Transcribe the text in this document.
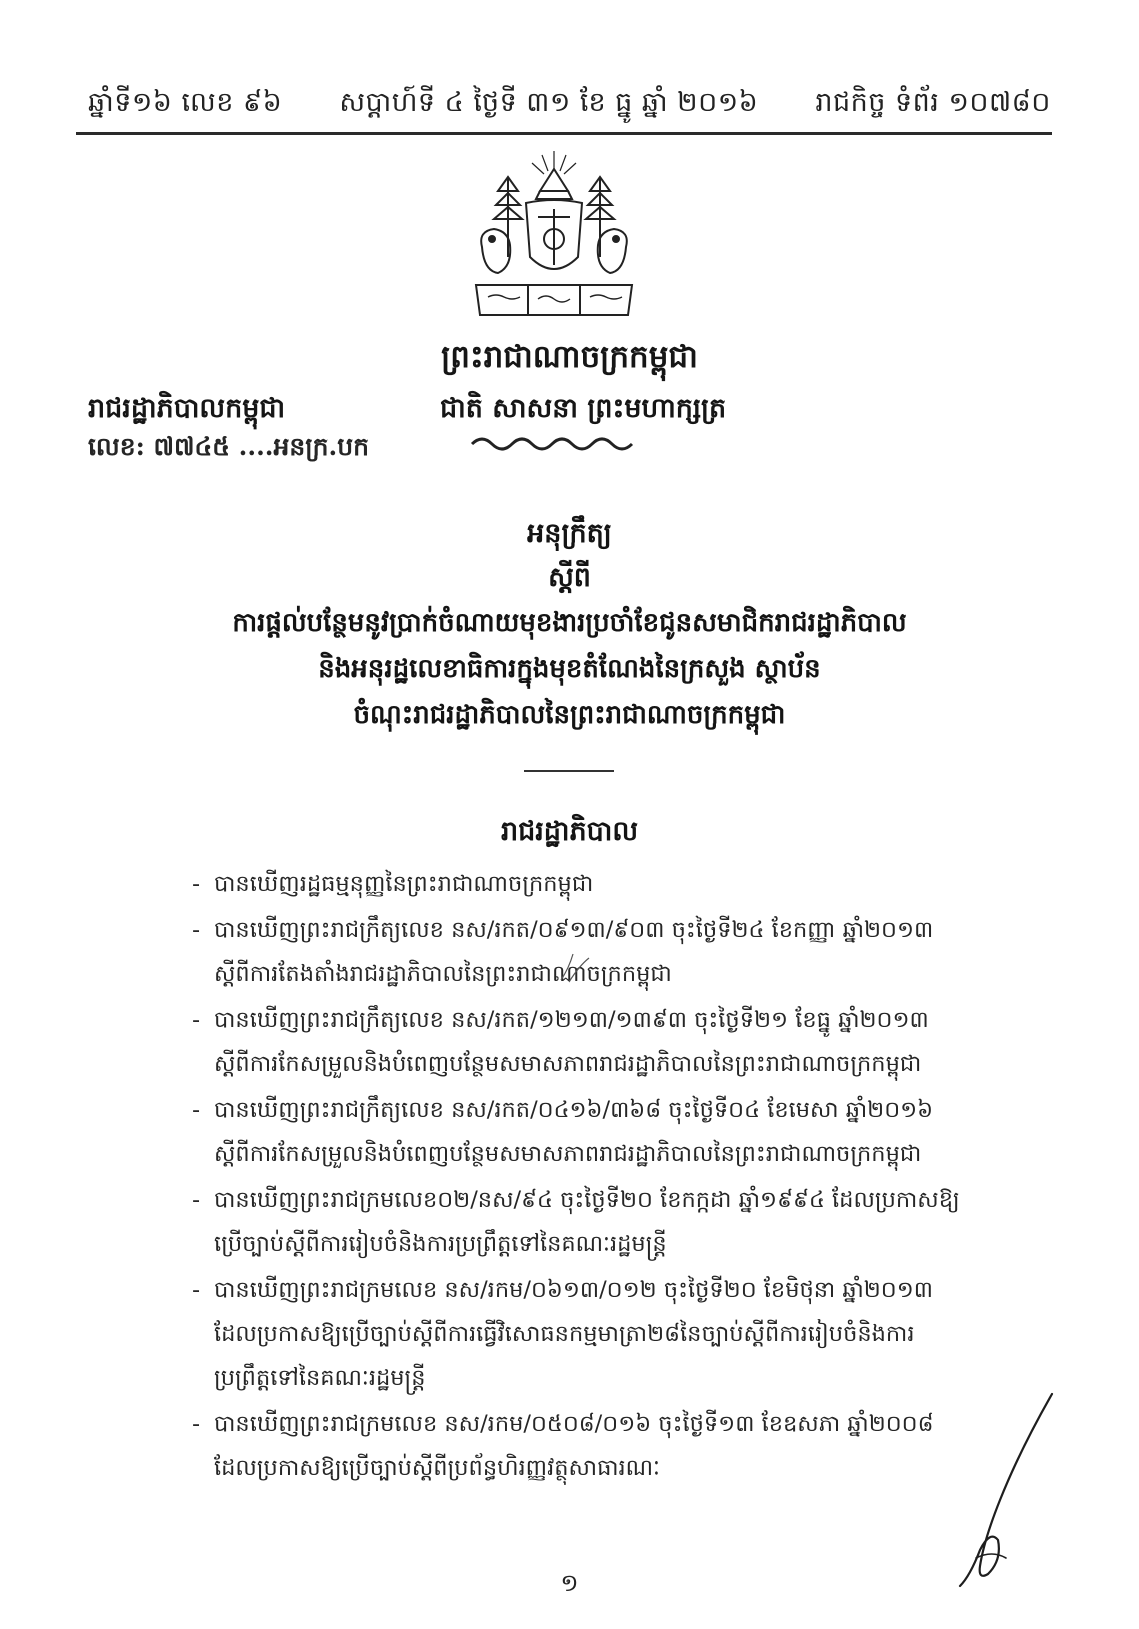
ឆ្នាំទី១៦ លេខ ៩៦ សប្តាហ៍ទី ៤ ថ្ងៃទី ៣១ ខែ ធ្នូ ឆ្នាំ ២០១៦ រាជកិច្ច ទំព័រ ១០៧៨០
ព្រះរាជាណាចក្រកម្ពុជា
រាជរដ្ឋាភិបាលកម្ពុជា	ជាតិ សាសនា ព្រះមហាក្សត្រ
លេខ: ៧៧៤៥ ....អនក្រ.បក
អនុក្រឹត្យ
ស្តីពី
ការផ្តល់បន្ថែមនូវប្រាក់ចំណាយមុខងារប្រចាំខែជូនសមាជិករាជរដ្ឋាភិបាល
និងអនុរដ្ឋលេខាធិការក្នុងមុខតំណែងនៃក្រសួង ស្ថាប័ន
ចំណុះរាជរដ្ឋាភិបាលនៃព្រះរាជាណាចក្រកម្ពុជា
រាជរដ្ឋាភិបាល
- បានឃើញរដ្ឋធម្មនុញ្ញនៃព្រះរាជាណាចក្រកម្ពុជា
- បានឃើញព្រះរាជក្រឹត្យលេខ នស/រកត/០៩១៣/៩០៣ ចុះថ្ងៃទី២៤ ខែកញ្ញា ឆ្នាំ២០១៣ ស្តីពីការតែងតាំងរាជរដ្ឋាភិបាលនៃព្រះរាជាណាចក្រកម្ពុជា
- បានឃើញព្រះរាជក្រឹត្យលេខ នស/រកត/១២១៣/១៣៩៣ ចុះថ្ងៃទី២១ ខែធ្នូ ឆ្នាំ២០១៣ ស្តីពីការកែសម្រួលនិងបំពេញបន្ថែមសមាសភាពរាជរដ្ឋាភិបាលនៃព្រះរាជាណាចក្រកម្ពុជា
- បានឃើញព្រះរាជក្រឹត្យលេខ នស/រកត/០៤១៦/៣៦៨ ចុះថ្ងៃទី០៤ ខែមេសា ឆ្នាំ២០១៦ ស្តីពីការកែសម្រួលនិងបំពេញបន្ថែមសមាសភាពរាជរដ្ឋាភិបាលនៃព្រះរាជាណាចក្រកម្ពុជា
- បានឃើញព្រះរាជក្រមលេខ០២/នស/៩៤ ចុះថ្ងៃទី២០ ខែកក្កដា ឆ្នាំ១៩៩៤ ដែលប្រកាសឱ្យប្រើច្បាប់ស្តីពីការរៀបចំនិងការប្រព្រឹត្តទៅនៃគណៈរដ្ឋមន្ត្រី
- បានឃើញព្រះរាជក្រមលេខ នស/រកម/០៦១៣/០១២ ចុះថ្ងៃទី២០ ខែមិថុនា ឆ្នាំ២០១៣ ដែលប្រកាសឱ្យប្រើច្បាប់ស្តីពីការធ្វើវិសោធនកម្មមាត្រា២៨នៃច្បាប់ស្តីពីការរៀបចំនិងការប្រព្រឹត្តទៅនៃគណៈរដ្ឋមន្ត្រី
- បានឃើញព្រះរាជក្រមលេខ នស/រកម/០៥០៨/០១៦ ចុះថ្ងៃទី១៣ ខែឧសភា ឆ្នាំ២០០៨ ដែលប្រកាសឱ្យប្រើច្បាប់ស្តីពីប្រព័ន្ធហិរញ្ញវត្ថុសាធារណៈ
១
